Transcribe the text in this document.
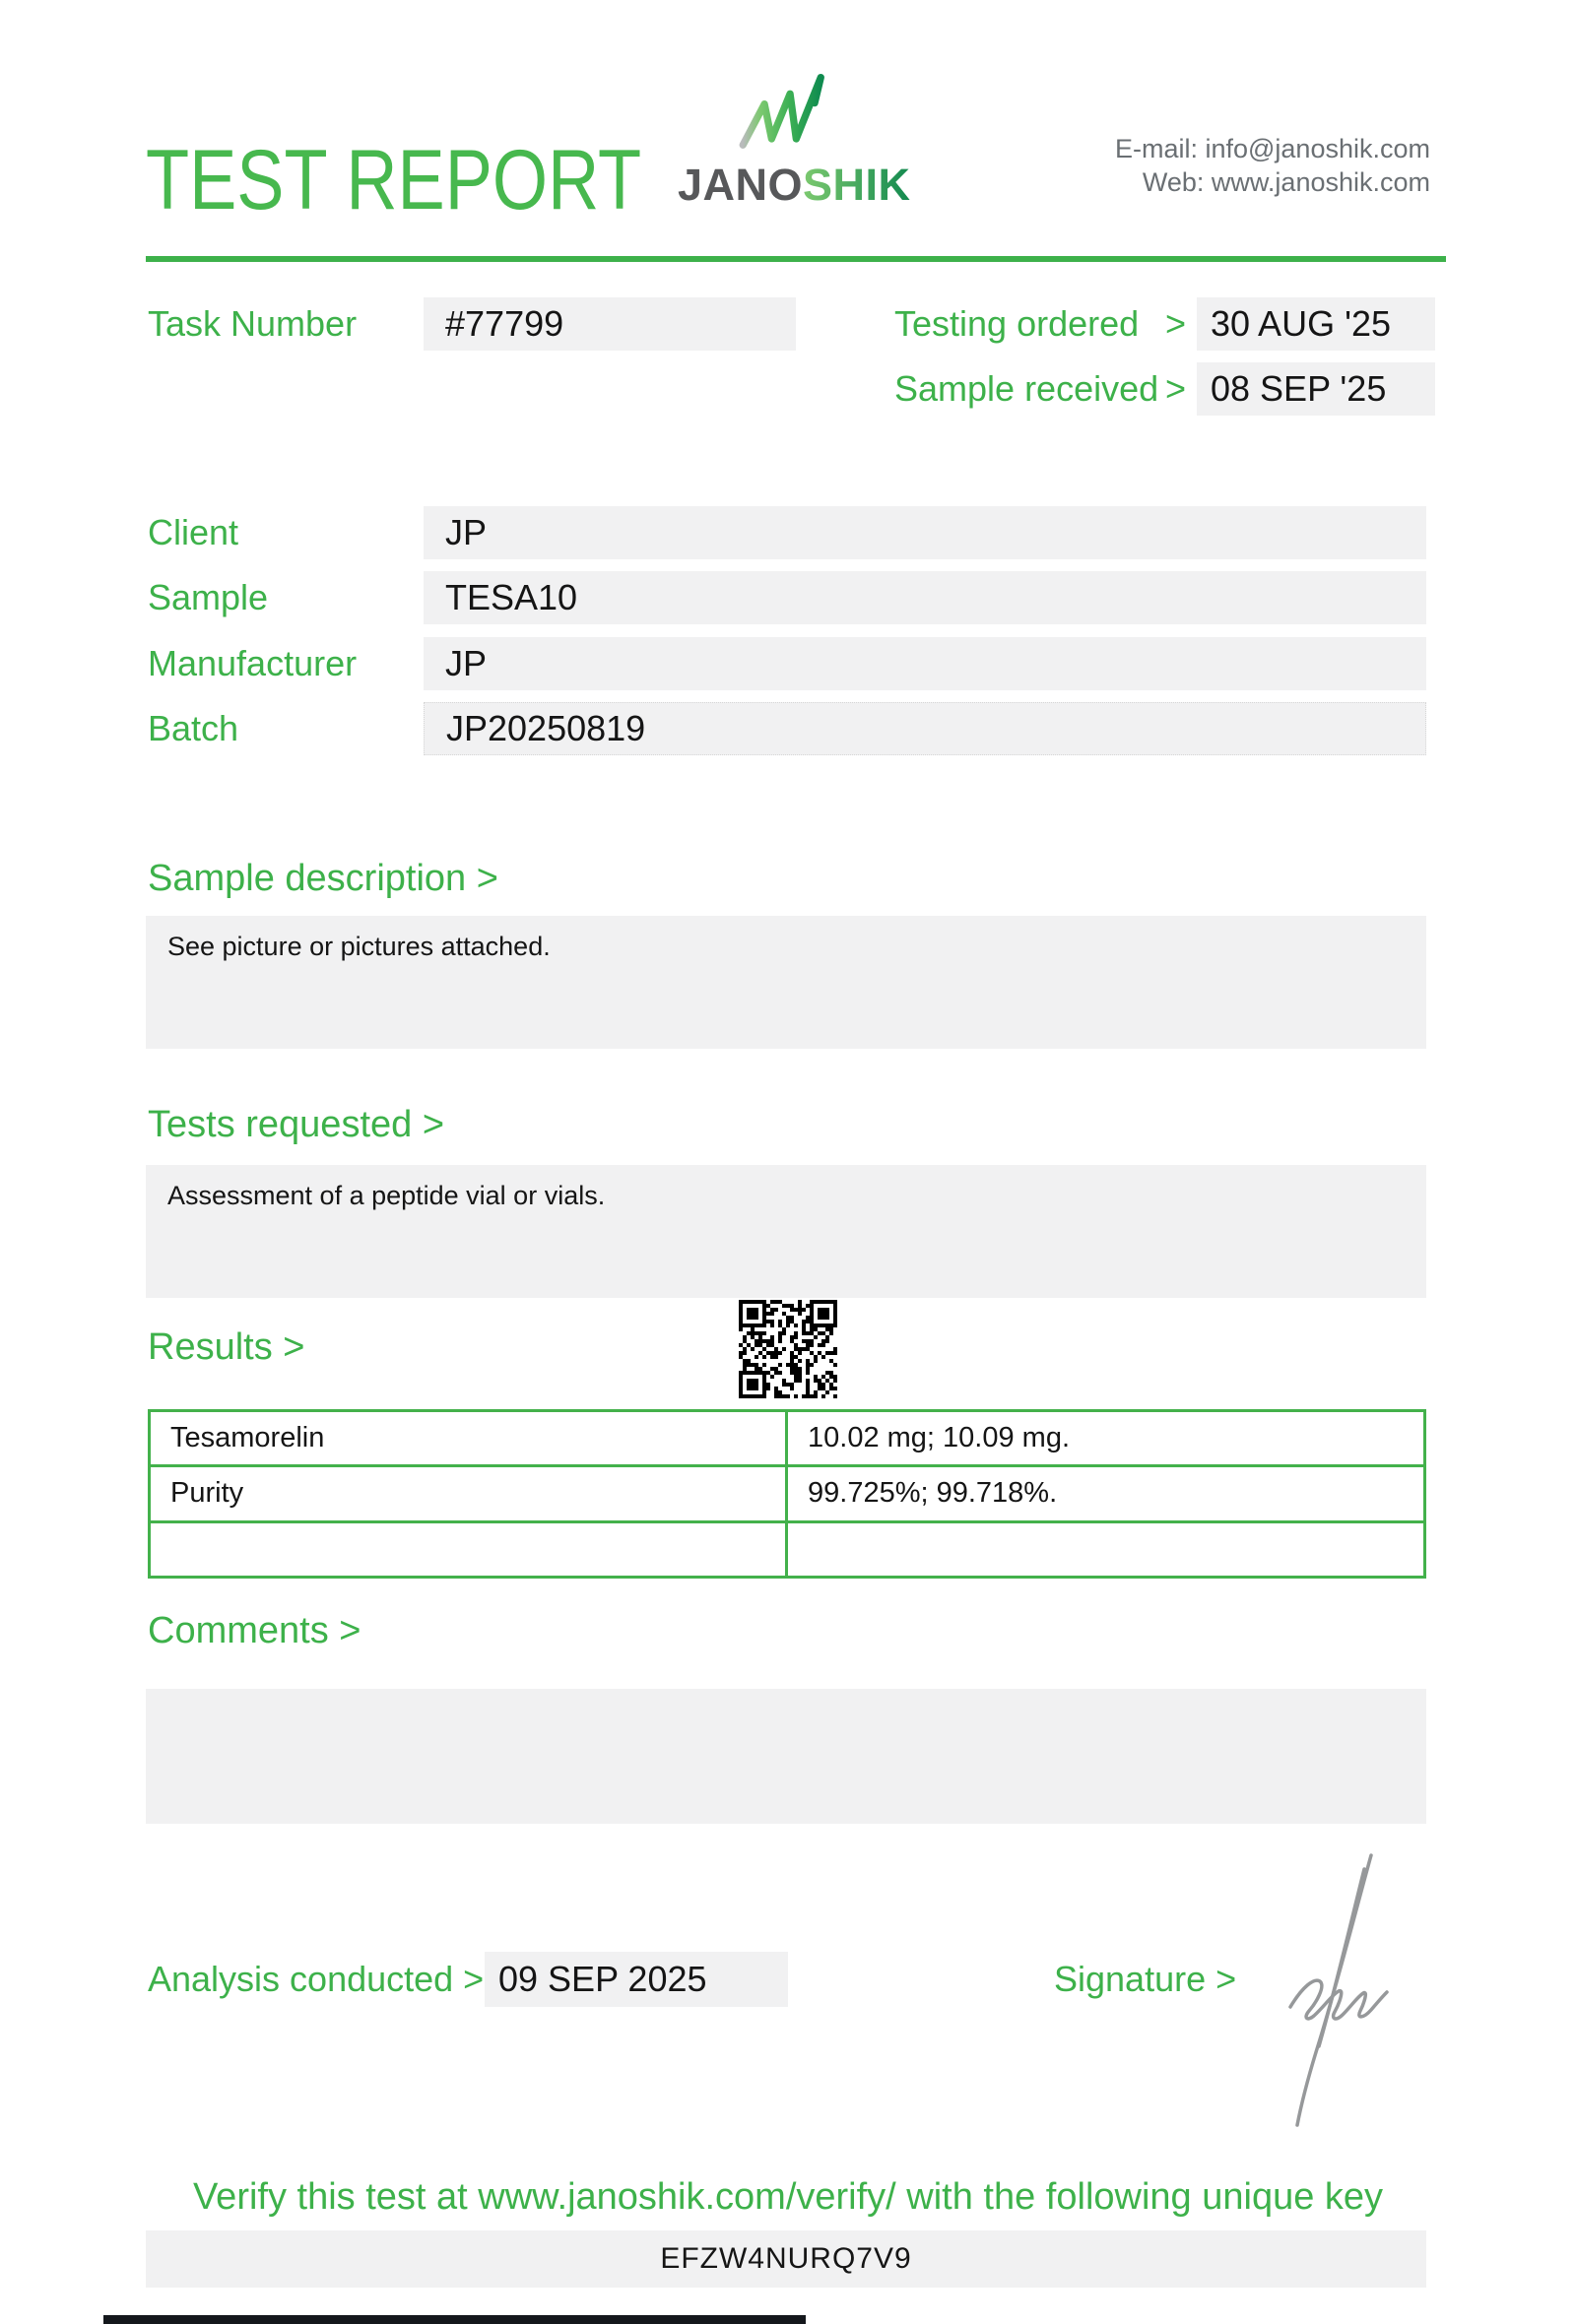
TEST REPORT JANOSHIK
E-mail: info@janoshik.com
Web: www.janoshik.com
Task Number	#77799	Testing ordered > 30 AUG '25
Sample received > 08 SEP '25
Client	JP
Sample	TESA10
Manufacturer	JP
Batch	JP20250819
Sample description >
See picture or pictures attached.
Tests requested >
Assessment of a peptide vial or vials.
Results >
Tesamorelin	10.02 mg; 10.09 mg.
Purity	99.725%; 99.718%.
Comments >
Analysis conducted > 09 SEP 2025	Signature >
Verify this test at www.janoshik.com/verify/ with the following unique key
EFZW4NURQ7V9
